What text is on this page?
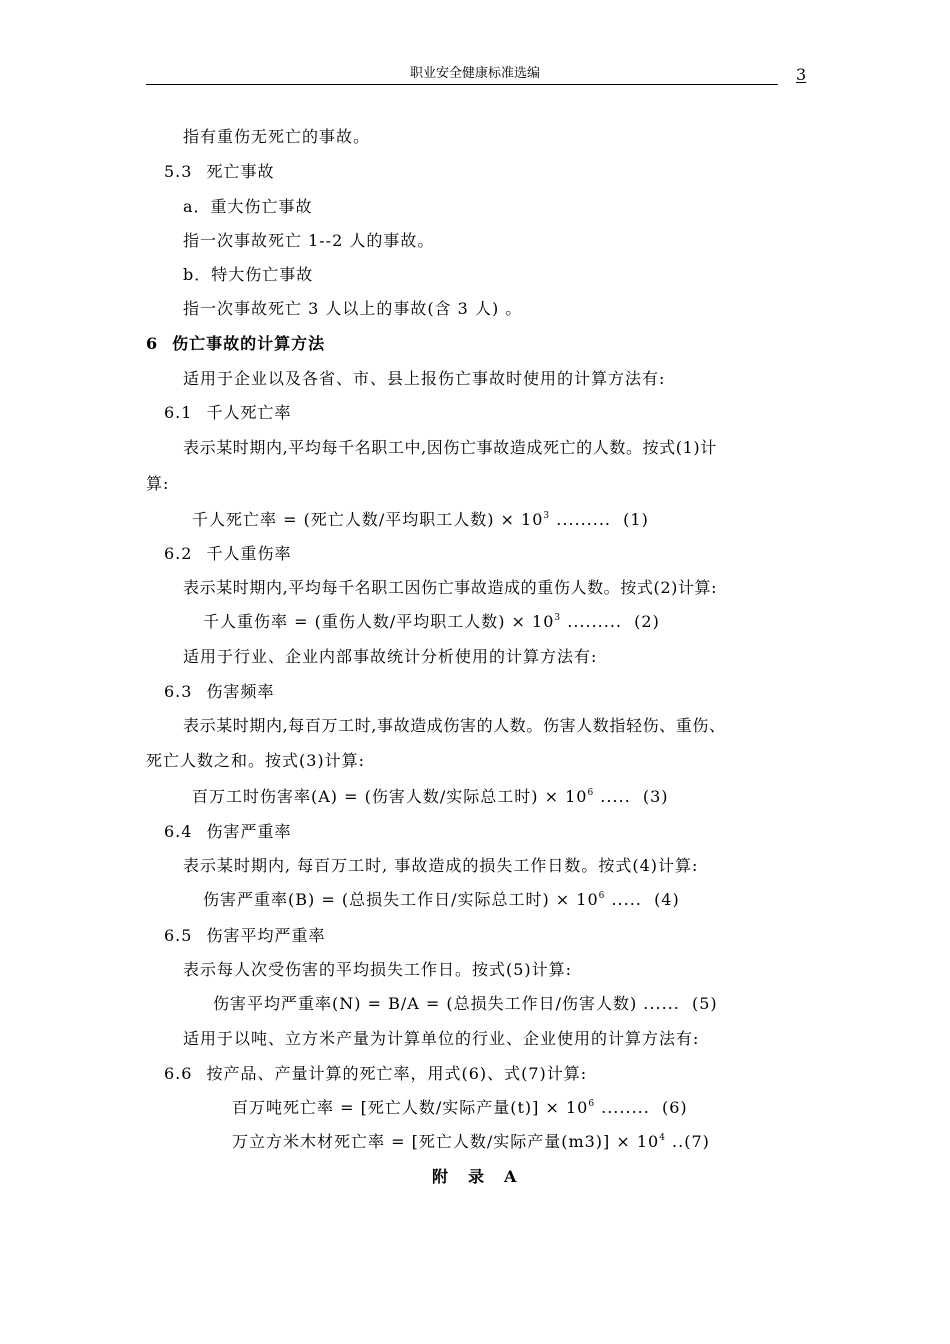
职业安全健康标准选编	3
指有重伤无死亡的事故。
5.3 死亡事故
a．重大伤亡事故
指一次事故死亡 1--2 人的事故。
b．特大伤亡事故
指一次事故死亡 3 人以上的事故(含 3 人) 。
6 伤亡事故的计算方法
适用于企业以及各省、市、县上报伤亡事故时使用的计算方法有:
6.1 千人死亡率
表示某时期内,平均每千名职工中,因伤亡事故造成死亡的人数。按式(1)计
算:
千人死亡率 = (死亡人数/平均职工人数) × $10^3$ .........  (1)
6.2 千人重伤率
表示某时期内,平均每千名职工因伤亡事故造成的重伤人数。按式(2)计算:
千人重伤率 = (重伤人数/平均职工人数) × $10^3$ .........  (2)
适用于行业、企业内部事故统计分析使用的计算方法有:
6.3 伤害频率
表示某时期内,每百万工时,事故造成伤害的人数。伤害人数指轻伤、重伤、
死亡人数之和。按式(3)计算:
百万工时伤害率(A) = (伤害人数/实际总工时) × $10^6$ .....  (3)
6.4 伤害严重率
表示某时期内, 每百万工时, 事故造成的损失工作日数。按式(4)计算:
伤害严重率(B) = (总损失工作日/实际总工时) × $10^6$ .....  (4)
6.5 伤害平均严重率
表示每人次受伤害的平均损失工作日。按式(5)计算:
伤害平均严重率(N) = B/A = (总损失工作日/伤害人数) ......  (5)
适用于以吨、立方米产量为计算单位的行业、企业使用的计算方法有:
6.6 按产品、产量计算的死亡率，用式(6)、式(7)计算:
百万吨死亡率 = [死亡人数/实际产量$(t)] \times 10^6$ ........  (6)
万立方米木材死亡率 = [死亡人数/实际产量$(m3)] \times 10^4$ ..(7)
附 录 A
